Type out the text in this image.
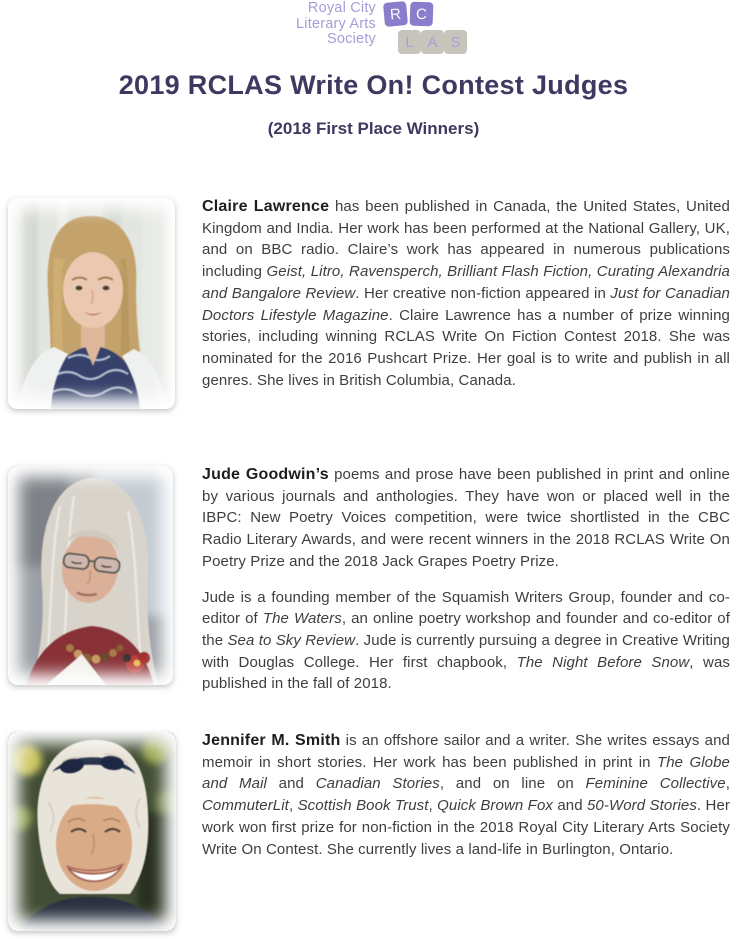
Royal City
Literary Arts
Society
R C
L A S
2019 RCLAS Write On! Contest Judges
(2018 First Place Winners)

Claire Lawrence has been published in Canada, the United States, United Kingdom and India. Her work has been performed at the National Gallery, UK, and on BBC radio. Claire’s work has appeared in numerous publications including Geist, Litro, Ravensperch, Brilliant Flash Fiction, Curating Alexandria and Bangalore Review. Her creative non-fiction appeared in Just for Canadian Doctors Lifestyle Magazine. Claire Lawrence has a number of prize winning stories, including winning RCLAS Write On Fiction Contest 2018. She was nominated for the 2016 Pushcart Prize. Her goal is to write and publish in all genres. She lives in British Columbia, Canada.

Jude Goodwin’s poems and prose have been published in print and online by various journals and anthologies. They have won or placed well in the IBPC: New Poetry Voices competition, were twice shortlisted in the CBC Radio Literary Awards, and were recent winners in the 2018 RCLAS Write On Poetry Prize and the 2018 Jack Grapes Poetry Prize.

Jude is a founding member of the Squamish Writers Group, founder and co-editor of The Waters, an online poetry workshop and founder and co-editor of the Sea to Sky Review. Jude is currently pursuing a degree in Creative Writing with Douglas College. Her first chapbook, The Night Before Snow, was published in the fall of 2018.

Jennifer M. Smith is an offshore sailor and a writer. She writes essays and memoir in short stories. Her work has been published in print in The Globe and Mail and Canadian Stories, and on line on Feminine Collective, CommuterLit, Scottish Book Trust, Quick Brown Fox and 50-Word Stories. Her work won first prize for non-fiction in the 2018 Royal City Literary Arts Society Write On Contest. She currently lives a land-life in Burlington, Ontario.
